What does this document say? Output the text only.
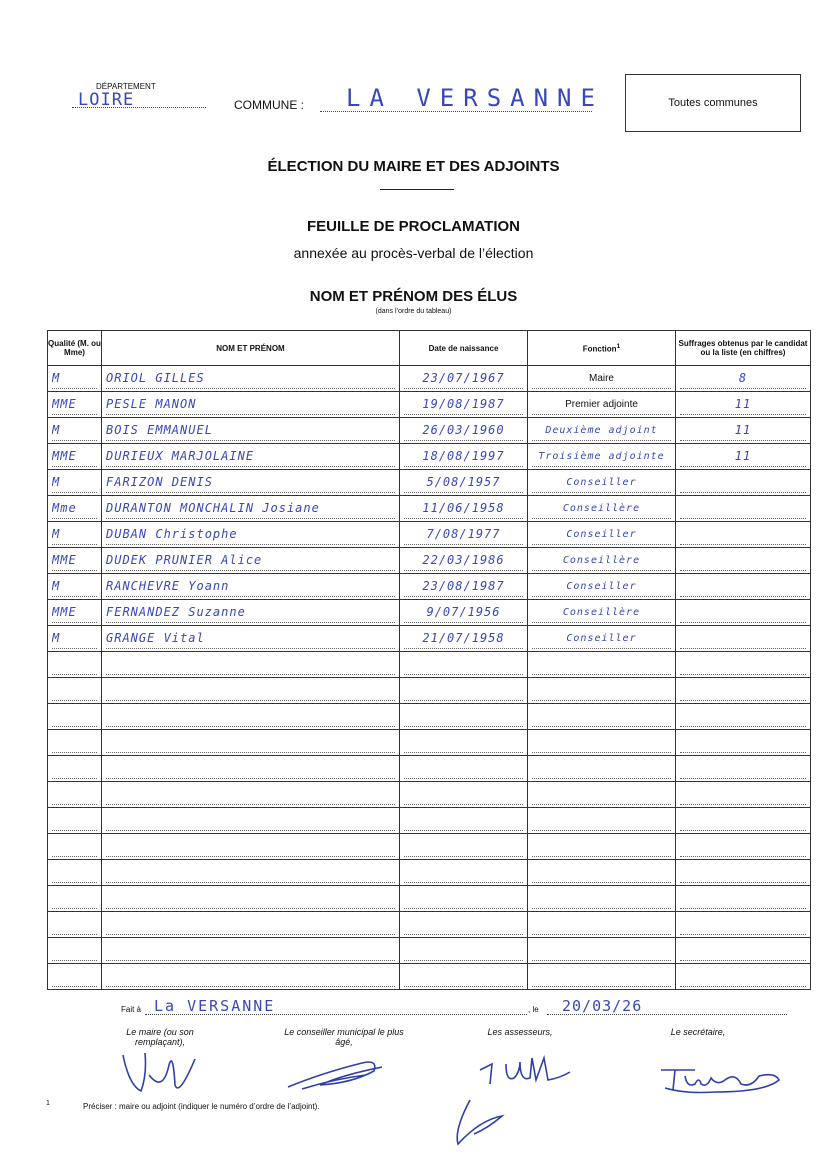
DÉPARTEMENT
LOIRE	COMMUNE : LA VERSANNE	Toutes communes
ÉLECTION DU MAIRE ET DES ADJOINTS
FEUILLE DE PROCLAMATION
annexée au procès-verbal de l’élection
NOM ET PRÉNOM DES ÉLUS
(dans l’ordre du tableau)
Qualité (M. ou Mme)	NOM ET PRÉNOM	Date de naissance	Fonction$^1$	Suffrages obtenus par le candidat ou la liste (en chiffres)

M	ORIOL GILLES	23/07/1967	Maire	8

MME	PESLE MANON	19/08/1987	Premier adjointe	11

M	BOIS EMMANUEL	26/03/1960	Deuxième adjoint	11

MME	DURIEUX MARJOLAINE	18/08/1997	Troisième adjointe	11

M	FARIZON DENIS	5/08/1957	Conseiller	

Mme	DURANTON MONCHALIN Josiane	11/06/1958	Conseillère	

M	DUBAN Christophe	7/08/1977	Conseiller	

MME	DUDEK PRUNIER Alice	22/03/1986	Conseillère	

M	RANCHEVRE Yoann	23/08/1987	Conseiller	

MME	FERNANDEZ Suzanne	9/07/1956	Conseillère	

M	GRANGE Vital	21/07/1958	Conseiller	

Fait à La VERSANNE	, le 20/03/26
Le maire (ou son remplaçant),
Le conseiller municipal le plus âgé,
Les assesseurs,	Le secrétaire,
1	Préciser : maire ou adjoint (indiquer le numéro d’ordre de l’adjoint).
